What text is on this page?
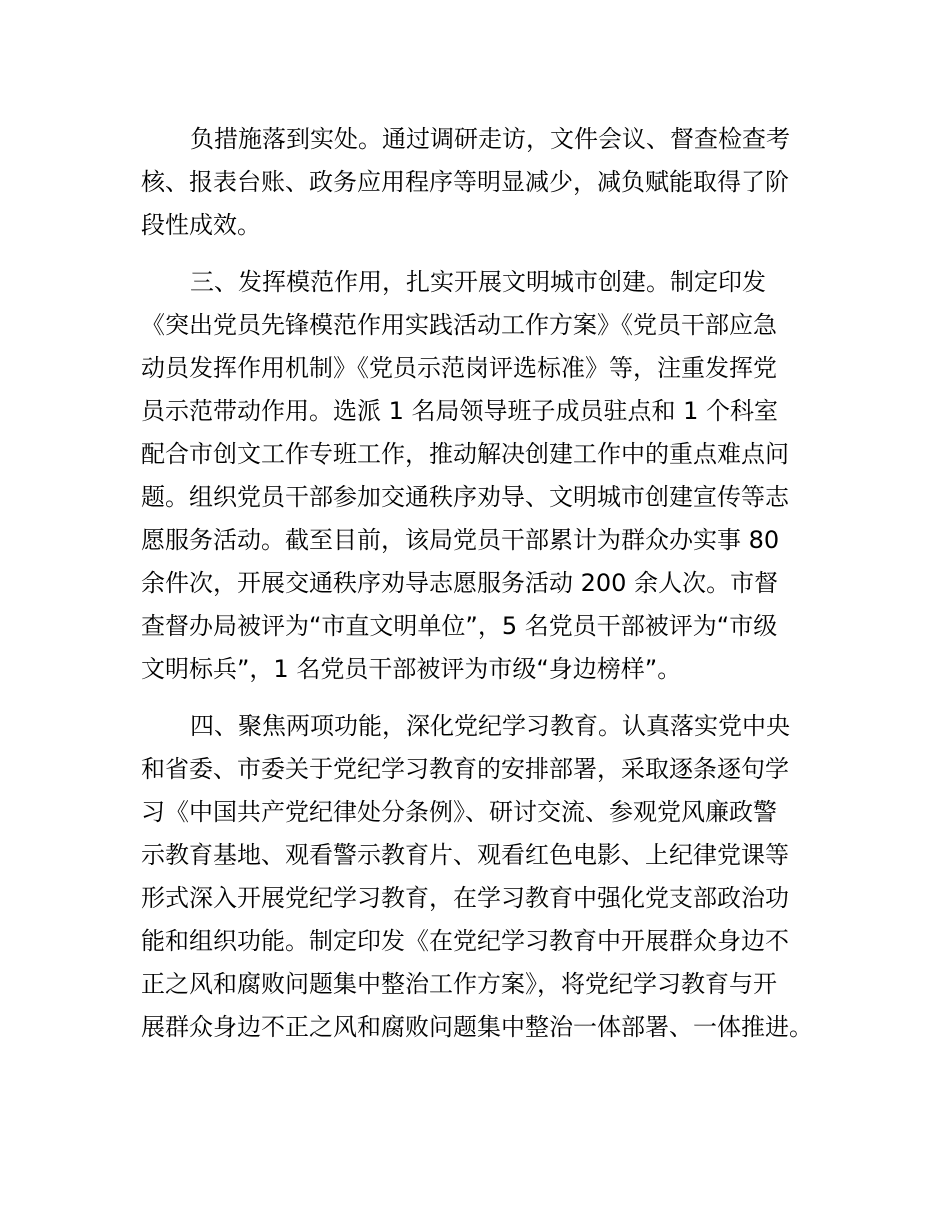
负措施落到实处。通过调研走访，文件会议、督查检查考
核、报表台账、政务应用程序等明显减少，减负赋能取得了阶
段性成效。
三、发挥模范作用，扎实开展文明城市创建。制定印发
《突出党员先锋模范作用实践活动工作方案》《党员干部应急
动员发挥作用机制》《党员示范岗评选标准》等，注重发挥党
员示范带动作用。选派 1 名局领导班子成员驻点和 1 个科室
配合市创文工作专班工作，推动解决创建工作中的重点难点问
题。组织党员干部参加交通秩序劝导、文明城市创建宣传等志
愿服务活动。截至目前，该局党员干部累计为群众办实事 80
余件次，开展交通秩序劝导志愿服务活动 200 余人次。市督
查督办局被评为“市直文明单位”，5 名党员干部被评为“市级
文明标兵”，1 名党员干部被评为市级“身边榜样”。
四、聚焦两项功能，深化党纪学习教育。认真落实党中央
和省委、市委关于党纪学习教育的安排部署，采取逐条逐句学
习《中国共产党纪律处分条例》、研讨交流、参观党风廉政警
示教育基地、观看警示教育片、观看红色电影、上纪律党课等
形式深入开展党纪学习教育，在学习教育中强化党支部政治功
能和组织功能。制定印发《在党纪学习教育中开展群众身边不
正之风和腐败问题集中整治工作方案》，将党纪学习教育与开
展群众身边不正之风和腐败问题集中整治一体部署、一体推进。
